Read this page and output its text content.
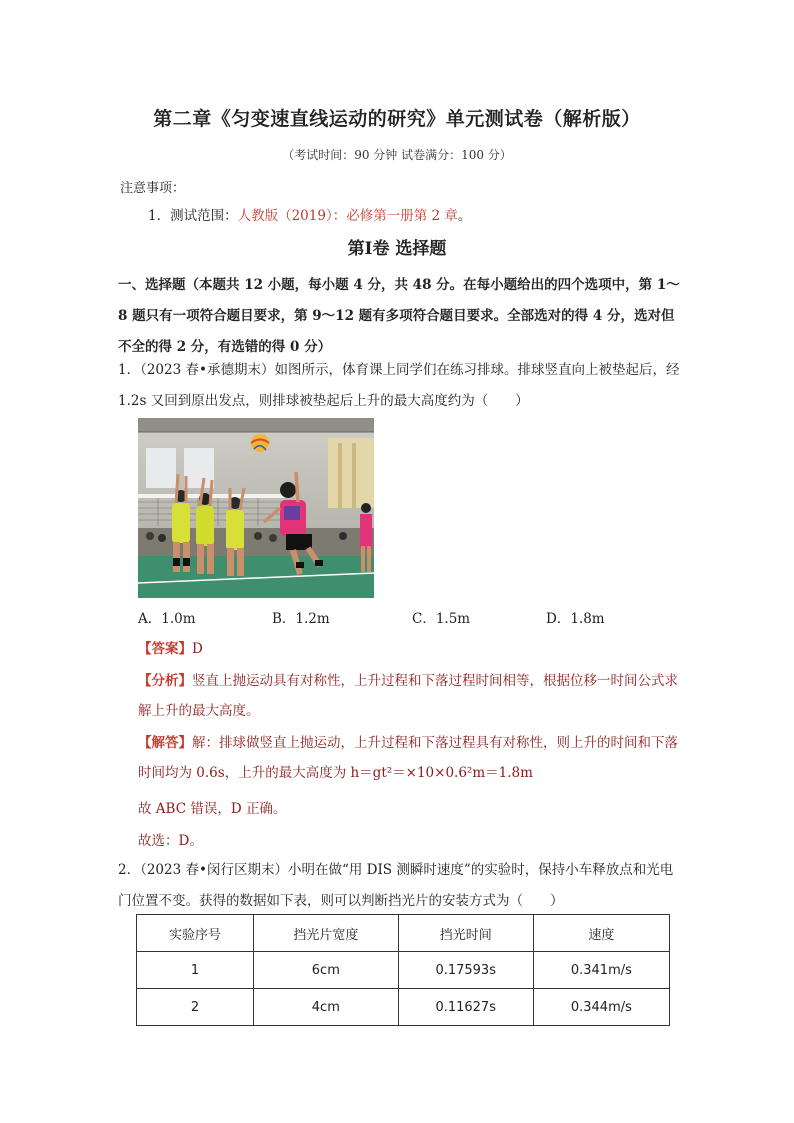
第二章《匀变速直线运动的研究》单元测试卷（解析版）
（考试时间：90 分钟 试卷满分：100 分）
注意事项：
1．测试范围：人教版（2019）：必修第一册第 2 章。
第Ⅰ卷 选择题
一、选择题（本题共 12 小题，每小题 4 分，共 48 分。在每小题给出的四个选项中，第 1～8 题只有一项符合题目要求，第 9～12 题有多项符合题目要求。全部选对的得 4 分，选对但不全的得 2 分，有选错的得 0 分）
1．（2023 春•承德期末）如图所示，体育课上同学们在练习排球。排球竖直向上被垫起后，经 1.2s 又回到原出发点，则排球被垫起后上升的最大高度约为（　　）
A．1.0m	B．1.2m	C．1.5m	D．1.8m
【答案】D
【分析】竖直上抛运动具有对称性，上升过程和下落过程时间相等，根据位移一时间公式求解上升的最大高度。
【解答】解：排球做竖直上抛运动，上升过程和下落过程具有对称性，则上升的时间和下落时间均为 0.6s，上升的最大高度为 h＝gt²＝×10×0.6²m＝1.8m
故 ABC 错误，D 正确。
故选：D。
2．（2023 春•闵行区期末）小明在做“用 DIS 测瞬时速度”的实验时，保持小车释放点和光电门位置不变。获得的数据如下表，则可以判断挡光片的安装方式为（　　）
实验序号	挡光片宽度	挡光时间	速度
1	6cm	0.17593s	0.341m/s
2	4cm	0.11627s	0.344m/s
